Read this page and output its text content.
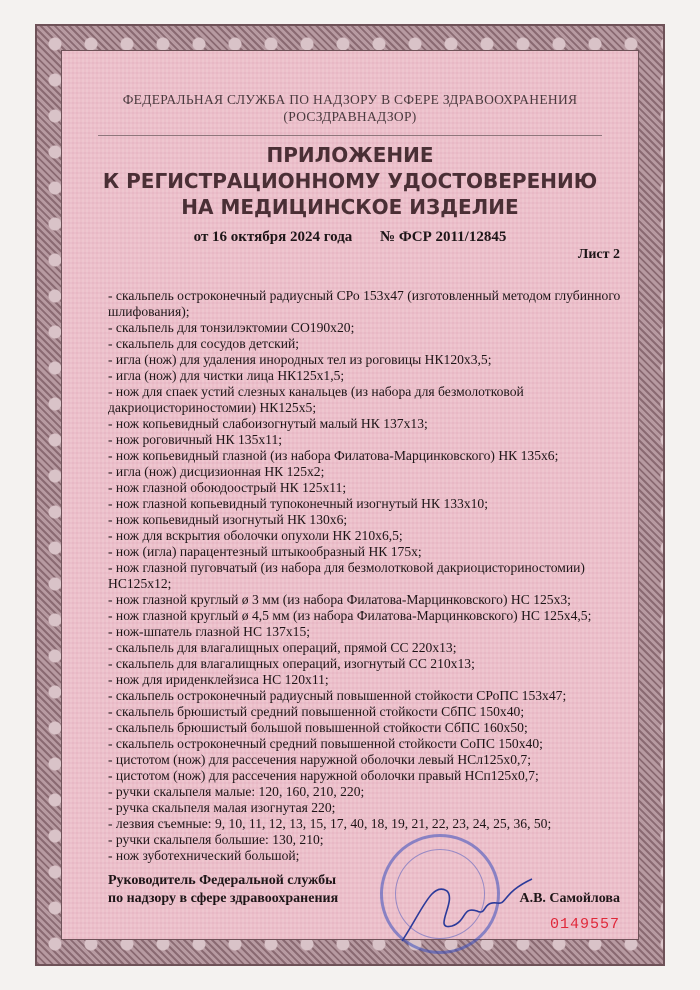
ФЕДЕРАЛЬНАЯ СЛУЖБА ПО НАДЗОРУ В СФЕРЕ ЗДРАВООХРАНЕНИЯ
(РОСЗДРАВНАДЗОР)
ПРИЛОЖЕНИЕ
К РЕГИСТРАЦИОННОМУ УДОСТОВЕРЕНИЮ
НА МЕДИЦИНСКОЕ ИЗДЕЛИЕ
от 16 октября 2024 года № ФСР 2011/12845
Лист 2
- скальпель остроконечный радиусный СРо 153х47 (изготовленный методом глубинного шлифования);
- скальпель для тонзилэктомии СО190х20;
- скальпель для сосудов детский;
- игла (нож) для удаления инородных тел из роговицы НК120х3,5;
- игла (нож) для чистки лица НК125х1,5;
- нож для спаек устий слезных канальцев (из набора для безмолотковой дакриоцисториностомии) НК125х5;
- нож копьевидный слабоизогнутый малый НК 137х13;
- нож роговичный НК 135х11;
- нож копьевидный глазной (из набора Филатова-Марцинковского) НК 135х6;
- игла (нож) дисцизионная НК 125х2;
- нож глазной обоюдоострый НК 125х11;
- нож глазной копьевидный тупоконечный изогнутый НК 133х10;
- нож копьевидный изогнутый НК 130х6;
- нож для вскрытия оболочки опухоли НК 210х6,5;
- нож (игла) парацентезный штыкообразный НК 175х;
- нож глазной пуговчатый (из набора для безмолотковой дакриоцисториностомии) НС125х12;
- нож глазной круглый ø 3 мм (из набора Филатова-Марцинковского) НС 125х3;
- нож глазной круглый ø 4,5 мм (из набора Филатова-Марцинковского) НС 125х4,5;
- нож-шпатель глазной НС 137х15;
- скальпель для влагалищных операций, прямой СС 220х13;
- скальпель для влагалищных операций, изогнутый СС 210х13;
- нож для ириденклейзиса НС 120х11;
- скальпель остроконечный радиусный повышенной стойкости СРоПС 153х47;
- скальпель брюшистый средний повышенной стойкости СбПС 150х40;
- скальпель брюшистый большой повышенной стойкости СбПС 160х50;
- скальпель остроконечный средний повышенной стойкости СоПС 150х40;
- цистотом (нож) для рассечения наружной оболочки левый НСл125х0,7;
- цистотом (нож) для рассечения наружной оболочки правый НСп125х0,7;
- ручки скальпеля малые: 120, 160, 210, 220;
- ручка скальпеля малая изогнутая 220;
- лезвия съемные: 9, 10, 11, 12, 13, 15, 17, 40, 18, 19, 21, 22, 23, 24, 25, 36, 50;
- ручки скальпеля большие: 130, 210;
- нож зуботехнический большой;
Руководитель Федеральной службы
по надзору в сфере здравоохранения	А.В. Самойлова
0149557
